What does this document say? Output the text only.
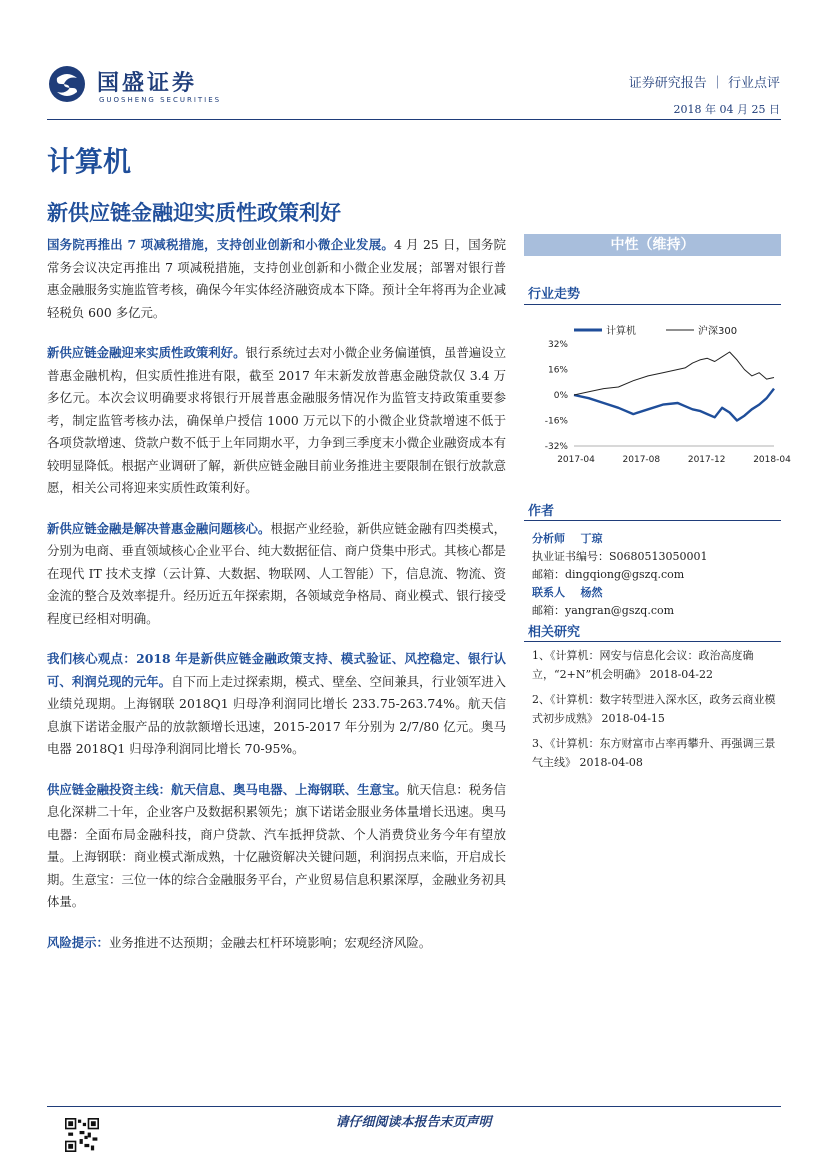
国盛证券
GUOSHENG SECURITIES
证券研究报告 ｜ 行业点评
2018 年 04 月 25 日
计算机
新供应链金融迎实质性政策利好

国务院再推出 7 项减税措施，支持创业创新和小微企业发展。4 月 25 日，国务院常务会议决定再推出 7 项减税措施，支持创业创新和小微企业发展；部署对银行普惠金融服务实施监管考核，确保今年实体经济融资成本下降。预计全年将再为企业减轻税负 600 多亿元。

新供应链金融迎来实质性政策利好。银行系统过去对小微企业务偏谨慎，虽普遍设立普惠金融机构，但实质性推进有限，截至 2017 年末新发放普惠金融贷款仅 3.4 万多亿元。本次会议明确要求将银行开展普惠金融服务情况作为监管支持政策重要参考，制定监管考核办法，确保单户授信 1000 万元以下的小微企业贷款增速不低于各项贷款增速、贷款户数不低于上年同期水平，力争到三季度末小微企业融资成本有较明显降低。根据产业调研了解，新供应链金融目前业务推进主要限制在银行放款意愿，相关公司将迎来实质性政策利好。

新供应链金融是解决普惠金融问题核心。根据产业经验，新供应链金融有四类模式，分别为电商、垂直领域核心企业平台、纯大数据征信、商户贷集中形式。其核心都是在现代 IT 技术支撑（云计算、大数据、物联网、人工智能）下，信息流、物流、资金流的整合及效率提升。经历近五年探索期，各领域竞争格局、商业模式、银行接受程度已经相对明确。

我们核心观点：2018 年是新供应链金融政策支持、模式验证、风控稳定、银行认可、利润兑现的元年。自下而上走过探索期，模式、壁垒、空间兼具，行业领军进入业绩兑现期。上海钢联 2018Q1 归母净利润同比增长 233.75-263.74%。航天信息旗下诺诺金服产品的放款额增长迅速，2015-2017 年分别为 2/7/80 亿元。奥马电器 2018Q1 归母净利润同比增长 70-95%。

供应链金融投资主线：航天信息、奥马电器、上海钢联、生意宝。航天信息：税务信息化深耕二十年，企业客户及数据积累领先；旗下诺诺金服业务体量增长迅速。奥马电器：全面布局金融科技，商户贷款、汽车抵押贷款、个人消费贷业务今年有望放量。上海钢联：商业模式渐成熟，十亿融资解决关键问题，利润拐点来临，开启成长期。生意宝：三位一体的综合金融服务平台，产业贸易信息积累深厚，金融业务初具体量。

风险提示：业务推进不达预期；金融去杠杆环境影响；宏观经济风险。

中性（维持）
行业走势
计算机	沪深300
32%
16%
0%
-16%
-32%
2017-04	2017-08	2017-12	2018-04
作者
分析师 丁琼
执业证书编号：S0680513050001
邮箱：dingqiong@gszq.com
联系人 杨然
邮箱：yangran@gszq.com
相关研究
1、《计算机：网安与信息化会议：政治高度确立，“2+N”机会明确》 2018-04-22
2、《计算机：数字转型进入深水区，政务云商业模式初步成熟》 2018-04-15
3、《计算机：东方财富市占率再攀升、再强调三景气主线》 2018-04-08
请仔细阅读本报告末页声明
